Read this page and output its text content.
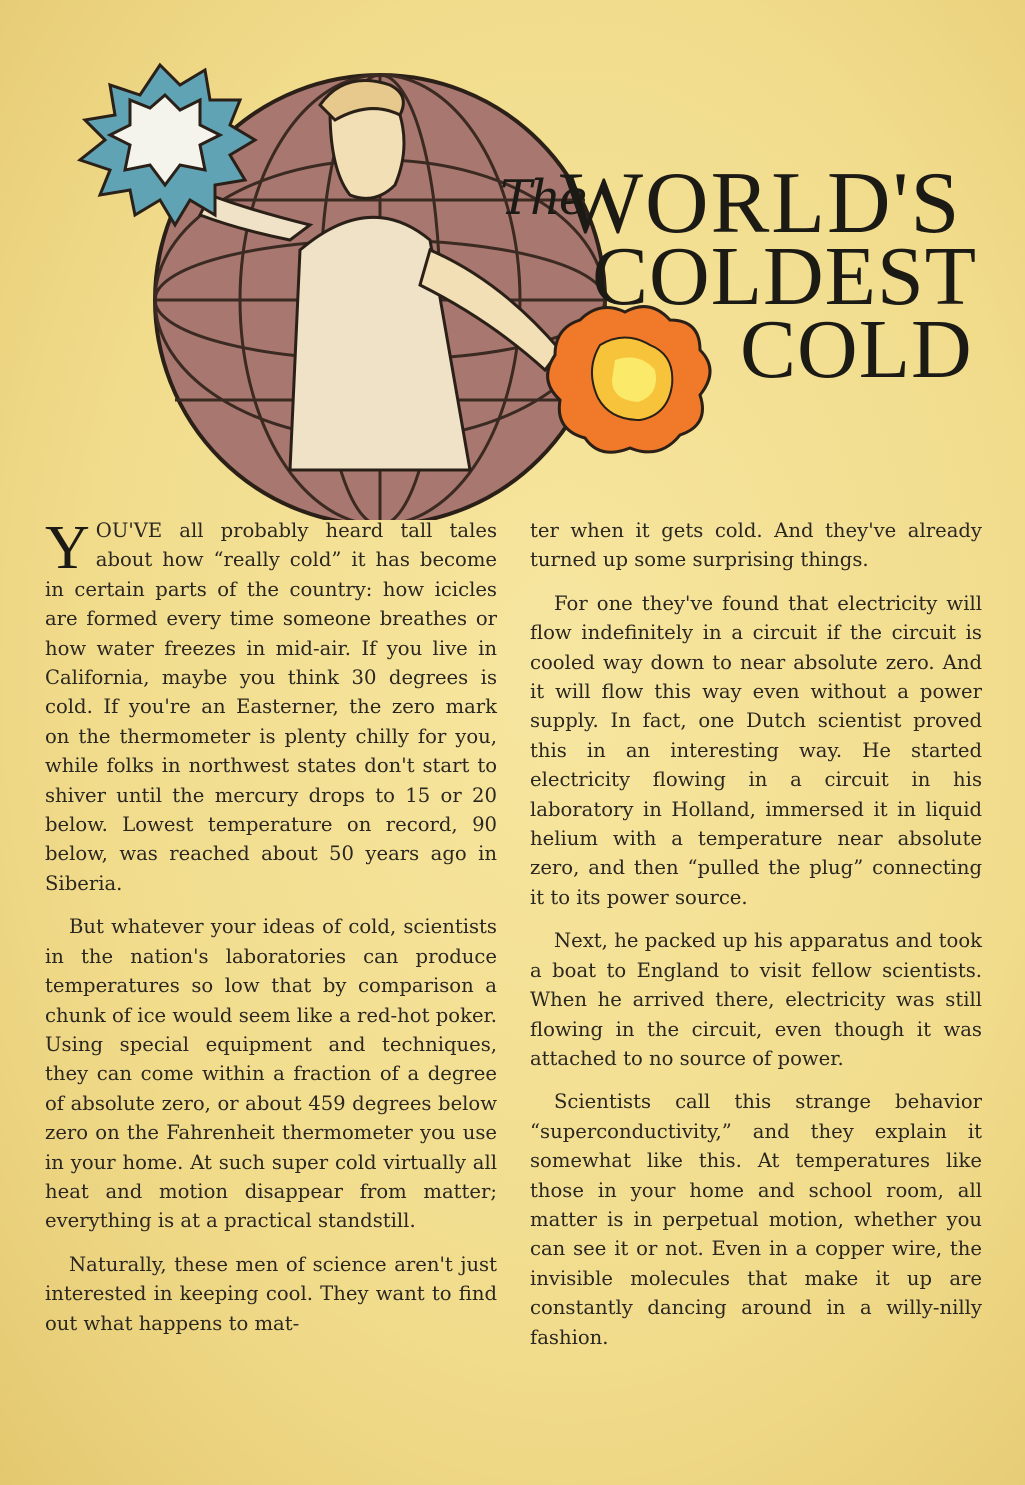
The
WORLD'S
COLDEST
COLD

YOU'VE all probably heard tall tales about how “really cold” it has become in certain parts of the country: how icicles are formed every time someone breathes or how water freezes in mid-air. If you live in California, maybe you think 30 degrees is cold. If you're an Easterner, the zero mark on the thermometer is plenty chilly for you, while folks in northwest states don't start to shiver until the mercury drops to 15 or 20 below. Lowest temperature on record, 90 below, was reached about 50 years ago in Siberia.

But whatever your ideas of cold, scientists in the nation's laboratories can produce temperatures so low that by comparison a chunk of ice would seem like a red-hot poker. Using special equipment and techniques, they can come within a fraction of a degree of absolute zero, or about 459 degrees below zero on the Fahrenheit thermometer you use in your home. At such super cold virtually all heat and motion disappear from matter; everything is at a practical standstill.

Naturally, these men of science aren't just interested in keeping cool. They want to find out what happens to mat-

ter when it gets cold. And they've already turned up some surprising things.

For one they've found that electricity will flow indefinitely in a circuit if the circuit is cooled way down to near absolute zero. And it will flow this way even without a power supply. In fact, one Dutch scientist proved this in an interesting way. He started electricity flowing in a circuit in his laboratory in Holland, immersed it in liquid helium with a temperature near absolute zero, and then “pulled the plug” connecting it to its power source.

Next, he packed up his apparatus and took a boat to England to visit fellow scientists. When he arrived there, electricity was still flowing in the circuit, even though it was attached to no source of power.

Scientists call this strange behavior “superconductivity,” and they explain it somewhat like this. At temperatures like those in your home and school room, all matter is in perpetual motion, whether you can see it or not. Even in a copper wire, the invisible molecules that make it up are constantly dancing around in a willy-nilly fashion.
